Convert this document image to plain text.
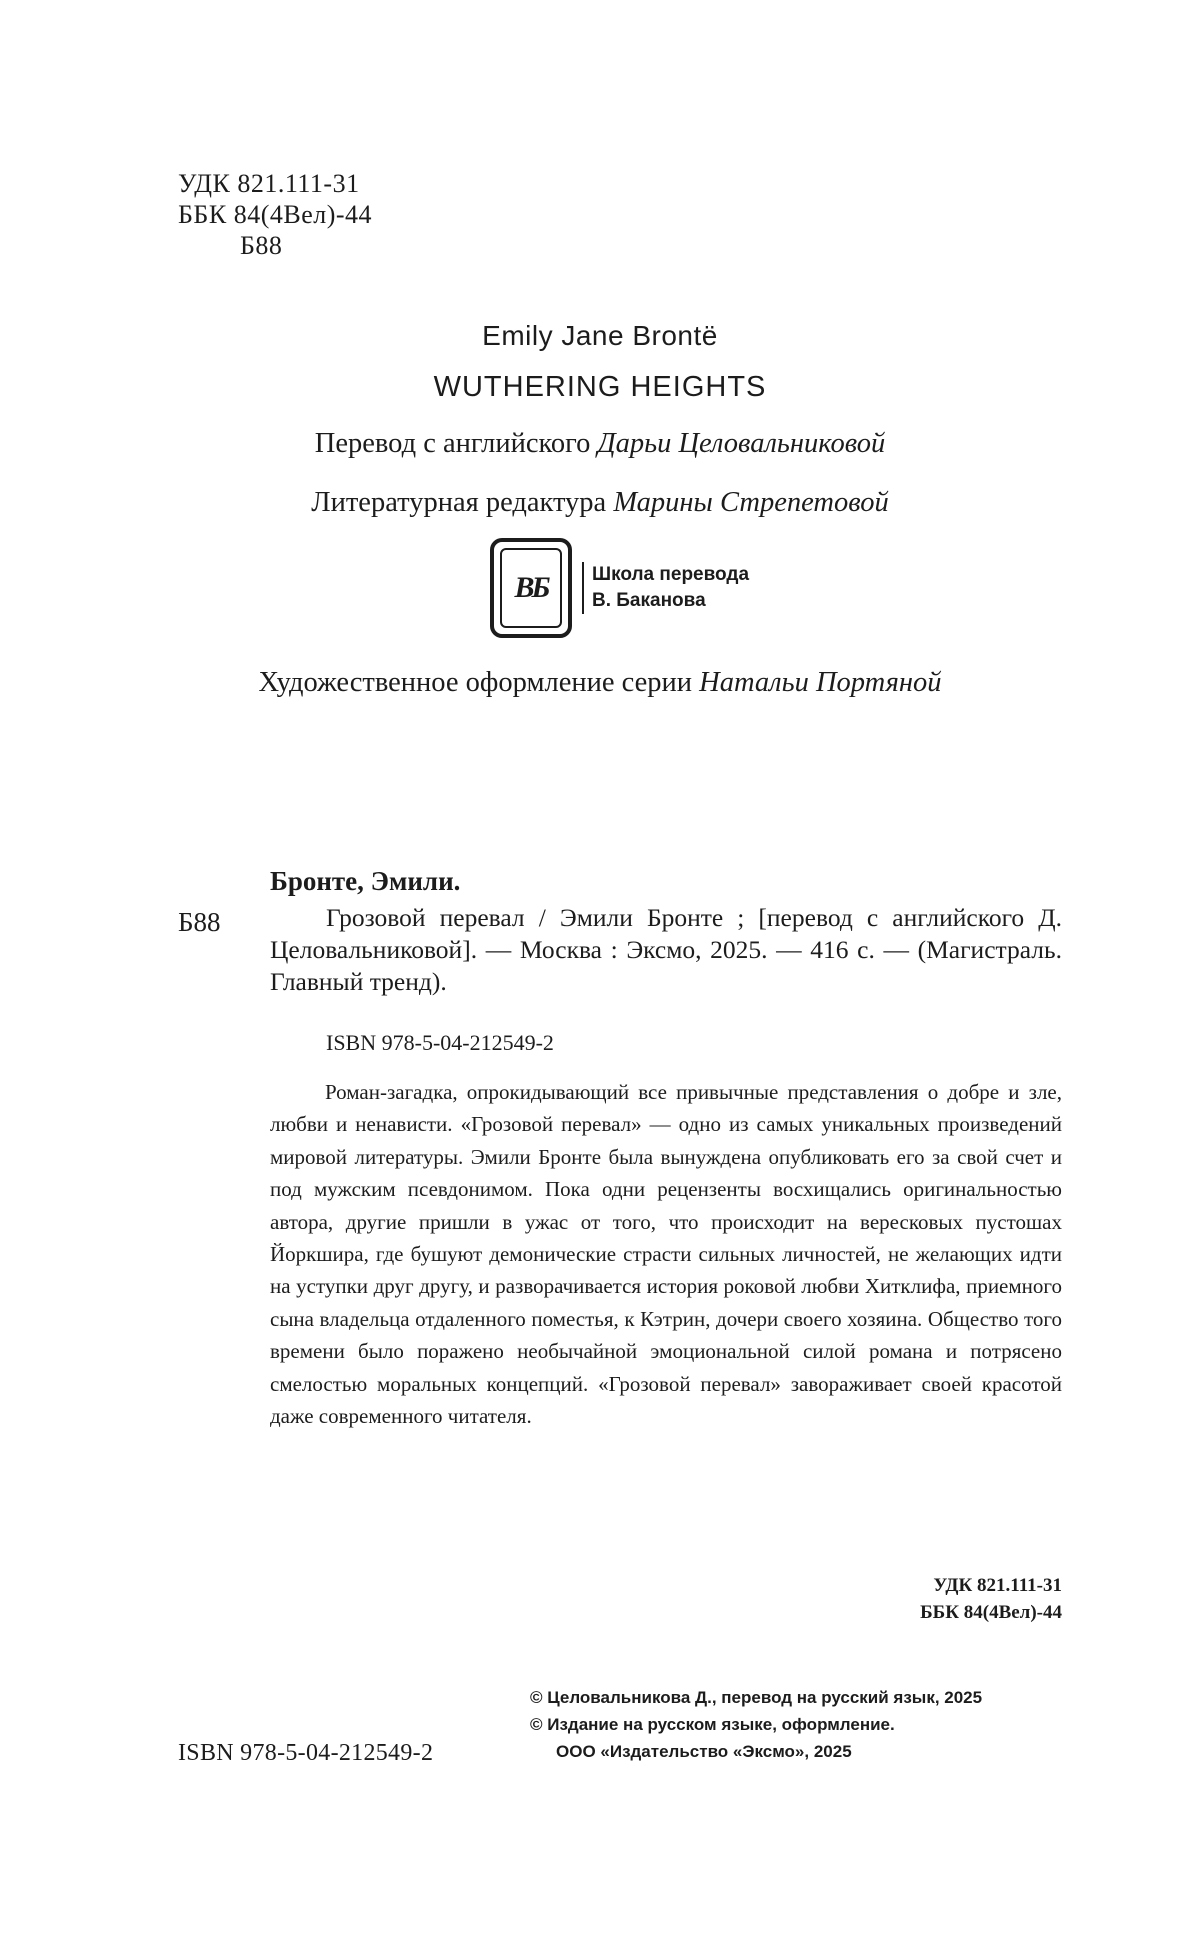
УДК 821.111-31
ББК 84(4Вел)-44
Б88
Emily Jane Brontë
WUTHERING HEIGHTS
Перевод с английского Дарьи Целовальниковой
Литературная редактура Марины Стрепетовой
ВБ Школа перевода
В. Баканова
Художественное оформление серии Натальи Портяной
Бронте, Эмили.
Б88	Грозовой перевал / Эмили Бронте ; [перевод с английского Д. Целовальниковой]. — Москва : Эксмо, 2025. — 416 с. — (Магистраль. Главный тренд).
ISBN 978-5-04-212549-2
Роман-загадка, опрокидывающий все привычные представления о добре и зле, любви и ненависти. «Грозовой перевал» — одно из самых уникальных произведений мировой литературы. Эмили Бронте была вынуждена опубликовать его за свой счет и под мужским псевдонимом. Пока одни рецензенты восхищались оригинальностью автора, другие пришли в ужас от того, что происходит на вересковых пустошах Йоркшира, где бушуют демонические страсти сильных личностей, не желающих идти на уступки друг другу, и разворачивается история роковой любви Хитклифа, приемного сына владельца отдаленного поместья, к Кэтрин, дочери своего хозяина. Общество того времени было поражено необычайной эмоциональной силой романа и потрясено смелостью моральных концепций. «Грозовой перевал» завораживает своей красотой даже современного читателя.
УДК 821.111-31
ББК 84(4Вел)-44
ISBN 978-5-04-212549-2
© Целовальникова Д., перевод на русский язык, 2025
© Издание на русском языке, оформление.
ООО «Издательство «Эксмо», 2025
